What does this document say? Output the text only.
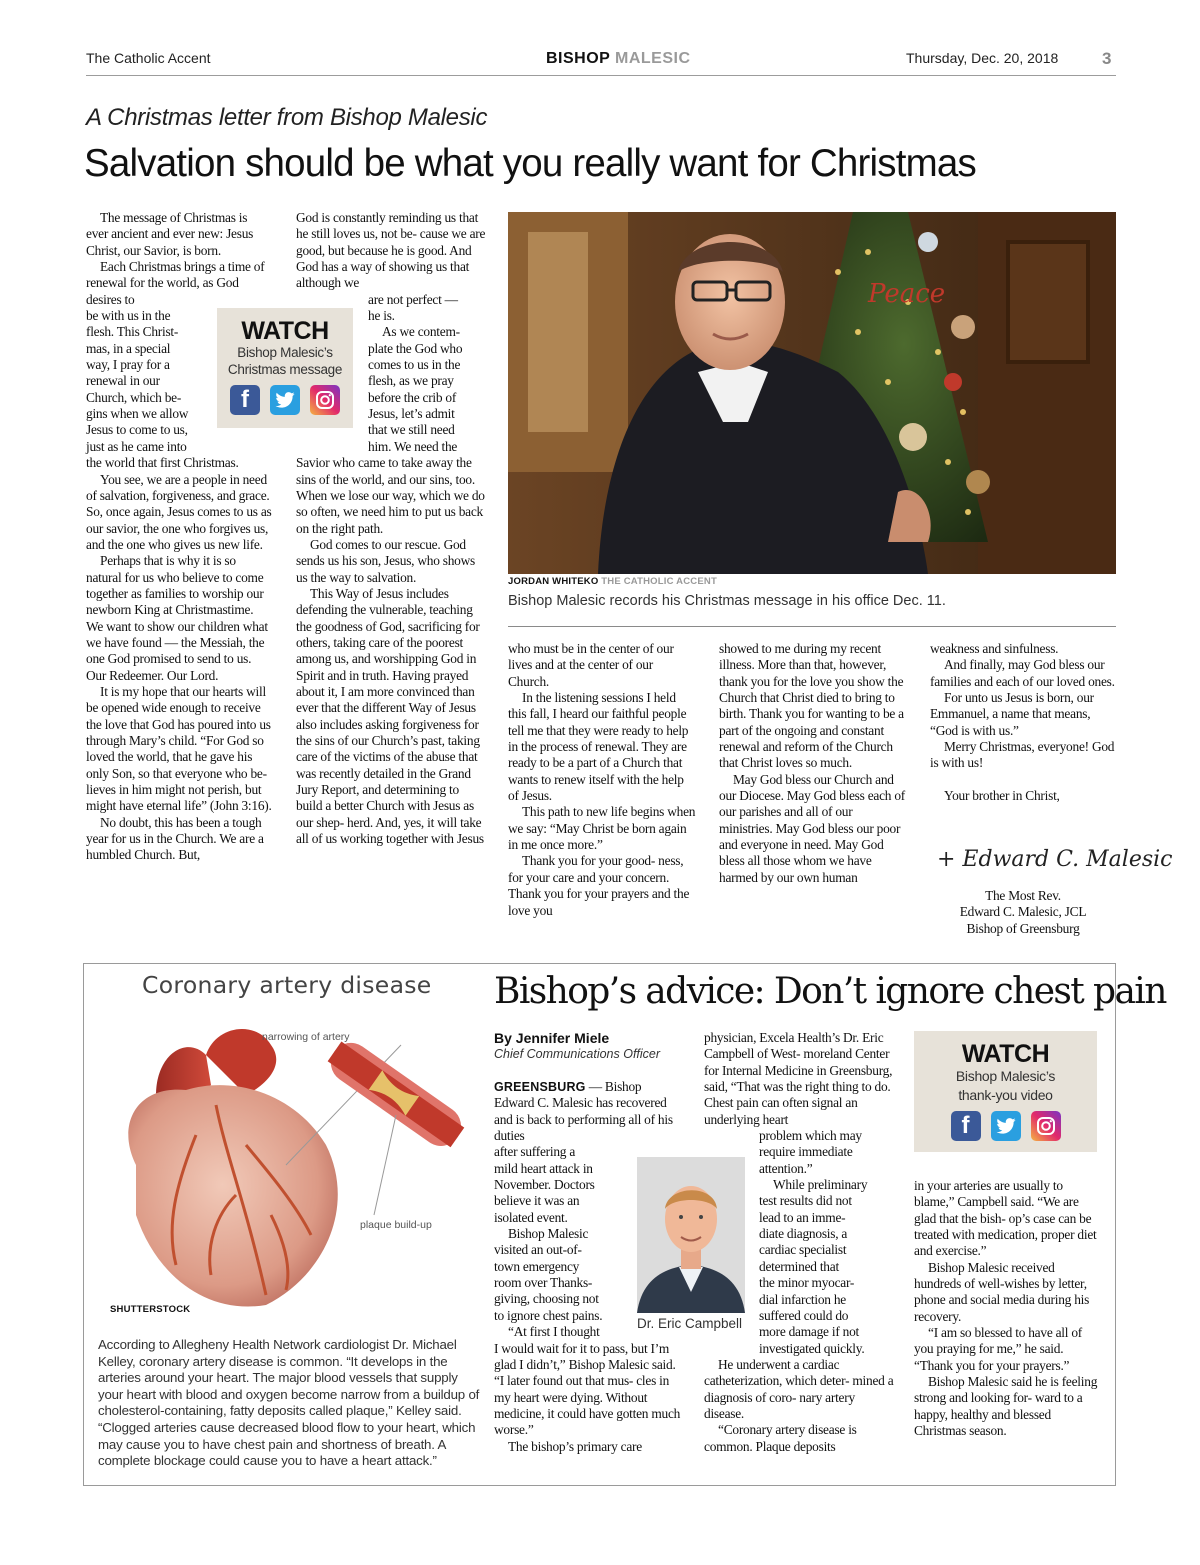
The Catholic Accent	BISHOP MALESIC	Thursday, Dec. 20, 2018	3
A Christmas letter from Bishop Malesic
Salvation should be what you really want for Christmas

The message of Christmas is ever ancient and ever new: Jesus Christ, our Savior, is born.

Each Christmas brings a time of renewal for the world, as God desires to

be with us in the

flesh. This Christ-

mas, in a special

way, I pray for a

renewal in our

Church, which be-

gins when we allow

Jesus to come to us,

just as he came into

the world that first Christmas.

You see, we are a people in need of salvation, forgiveness, and grace. So, once again, Jesus comes to us as our savior, the one who forgives us, and the one who gives us new life.

Perhaps that is why it is so natural for us who believe to come together as families to worship our newborn King at Christmastime. We want to show our children what we have found — the Messiah, the one God promised to send to us. Our Redeemer. Our Lord.

It is my hope that our hearts will be opened wide enough to receive the love that God has poured into us through Mary’s child. “For God so loved the world, that he gave his only Son, so that everyone who be- lieves in him might not perish, but might have eternal life” (John 3:16).

No doubt, this has been a tough year for us in the Church. We are a humbled Church. But,

WATCH
Bishop Malesic’s
Christmas message
f

God is constantly reminding us that he still loves us, not be- cause we are good, but because he is good. And God has a way of showing us that although we

are not perfect —

he is.

As we contem-

plate the God who

comes to us in the

flesh, as we pray

before the crib of

Jesus, let’s admit

that we still need

him. We need the

Savior who came to take away the sins of the world, and our sins, too. When we lose our way, which we do so often, we need him to put us back on the right path.

God comes to our rescue. God sends us his son, Jesus, who shows us the way to salvation.

This Way of Jesus includes defending the vulnerable, teaching the goodness of God, sacrificing for others, taking care of the poorest among us, and worshipping God in Spirit and in truth. Having prayed about it, I am more convinced than ever that the different Way of Jesus also includes asking forgiveness for the sins of our Church’s past, taking care of the victims of the abuse that was recently detailed in the Grand Jury Report, and determining to build a better Church with Jesus as our shep- herd. And, yes, it will take all of us working together with Jesus

Peace
JORDAN WHITEKO THE CATHOLIC ACCENT
Bishop Malesic records his Christmas message in his office Dec. 11.

who must be in the center of our lives and at the center of our Church.

In the listening sessions I held this fall, I heard our faithful people tell me that they were ready to help in the process of renewal. They are ready to be a part of a Church that wants to renew itself with the help of Jesus.

This path to new life begins when we say: “May Christ be born again in me once more.”

Thank you for your good- ness, for your care and your concern. Thank you for your prayers and the love you

showed to me during my recent illness. More than that, however, thank you for the love you show the Church that Christ died to bring to birth. Thank you for wanting to be a part of the ongoing and constant renewal and reform of the Church that Christ loves so much.

May God bless our Church and our Diocese. May God bless each of our parishes and all of our ministries. May God bless our poor and everyone in need. May God bless all those whom we have harmed by our own human

weakness and sinfulness.

And finally, may God bless our families and each of our loved ones.

For unto us Jesus is born, our Emmanuel, a name that means, “God is with us.”

Merry Christmas, everyone! God is with us!

Your brother in Christ,

+ Edward C. Malesic
The Most Rev.
Edward C. Malesic, JCL
Bishop of Greensburg
Coronary artery disease
narrowing of artery
plaque build-up
SHUTTERSTOCK
According to Allegheny Health Network cardiologist Dr. Michael Kelley, coronary artery disease is common. “It develops in the arteries around your heart. The major blood vessels that supply your heart with blood and oxygen become narrow from a buildup of cholesterol-containing, fatty deposits called plaque,” Kelley said. “Clogged arteries cause decreased blood flow to your heart, which may cause you to have chest pain and shortness of breath. A complete blockage could cause you to have a heart attack.”
Bishop’s advice: Don’t ignore chest pain
By Jennifer Miele
Chief Communications Officer

GREENSBURG — Bishop Edward C. Malesic has recovered and is back to performing all of his duties

after suffering a

mild heart attack in

November. Doctors

believe it was an

isolated event.

Bishop Malesic

visited an out-of-

town emergency

room over Thanks-

giving, choosing not

to ignore chest pains.

“At first I thought

I would wait for it to pass, but I’m glad I didn’t,” Bishop Malesic said. “I later found out that mus- cles in my heart were dying. Without medicine, it could have gotten much worse.”

The bishop’s primary care

Dr. Eric Campbell

physician, Excela Health’s Dr. Eric Campbell of West- moreland Center for Internal Medicine in Greensburg, said, “That was the right thing to do. Chest pain can often signal an underlying heart

problem which may

require immediate

attention.”

While preliminary

test results did not

lead to an imme-

diate diagnosis, a

cardiac specialist

determined that

the minor myocar-

dial infarction he

suffered could do

more damage if not

investigated quickly.

He underwent a cardiac catheterization, which deter- mined a diagnosis of coro- nary artery disease.

“Coronary artery disease is common. Plaque deposits

WATCH
Bishop Malesic’s
thank-you video
f

in your arteries are usually to blame,” Campbell said. “We are glad that the bish- op’s case can be treated with medication, proper diet and exercise.”

Bishop Malesic received hundreds of well-wishes by letter, phone and social media during his recovery.

“I am so blessed to have all of you praying for me,” he said. “Thank you for your prayers.”

Bishop Malesic said he is feeling strong and looking for- ward to a happy, healthy and blessed Christmas season.
